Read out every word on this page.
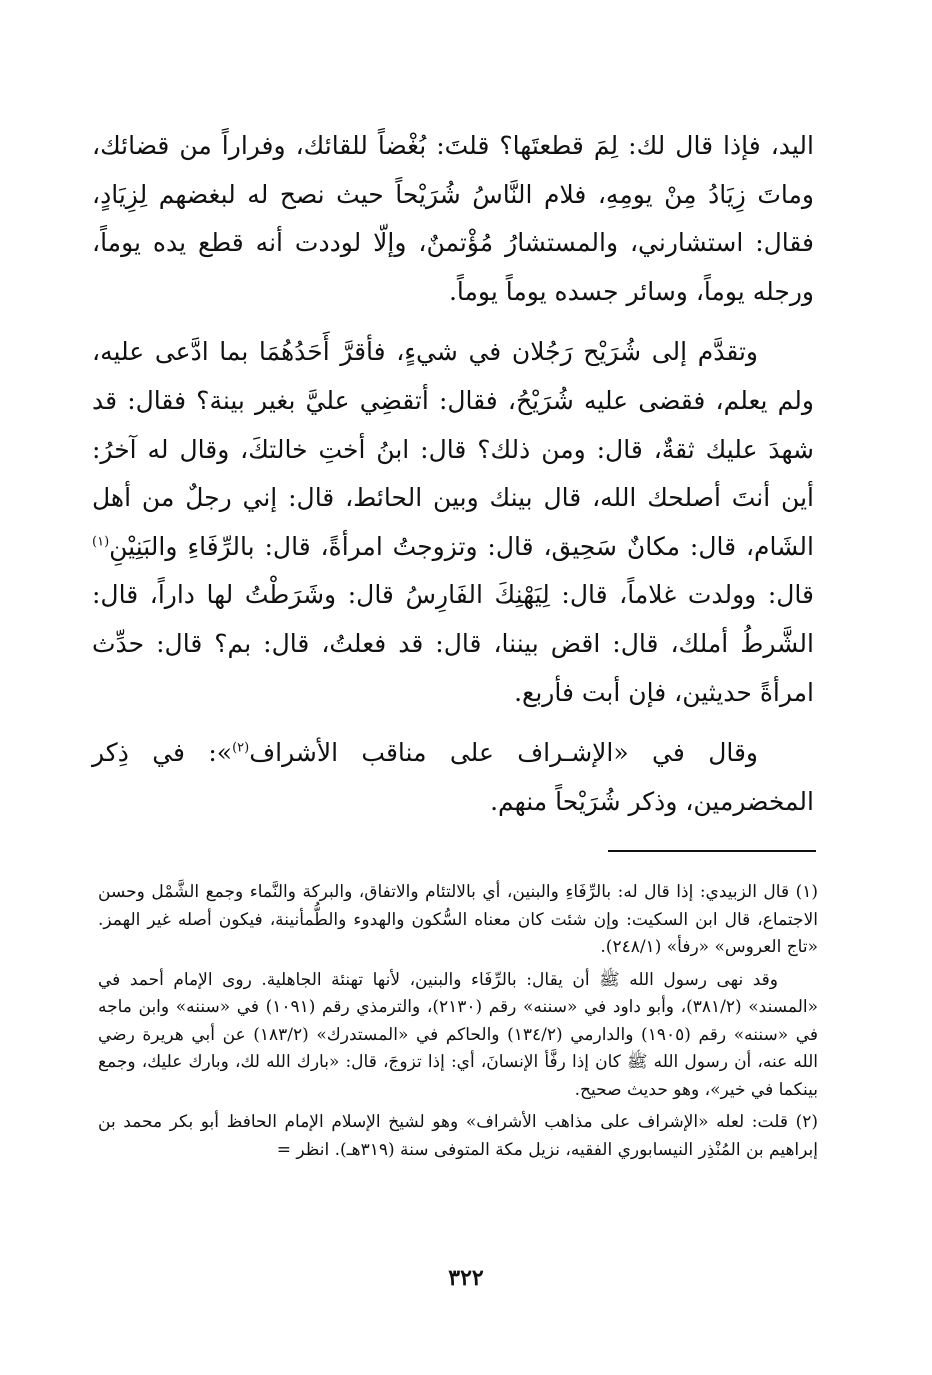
اليد، فإذا قال لك: لِمَ قطعتَها؟ قلتَ: بُغْضاً للقائك، وفراراً من قضائك، وماتَ زِيَادُ مِنْ يومِهِ، فلام النَّاسُ شُرَيْحاً حيث نصح له لبغضهم لِزِيَادٍ، فقال: استشارني، والمستشارُ مُؤْتمنٌ، وإلّا لوددت أنه قطع يده يوماً، ورجله يوماً، وسائر جسده يوماً يوماً.

وتقدَّم إلى شُرَيْح رَجُلان في شيءٍ، فأقرَّ أَحَدُهُمَا بما ادَّعى عليه، ولم يعلم، فقضى عليه شُرَيْحُ، فقال: أتقضِي عليَّ بغير بينة؟ فقال: قد شهدَ عليك ثقةٌ، قال: ومن ذلك؟ قال: ابنُ أختِ خالتكَ، وقال له آخرُ: أين أنتَ أصلحك الله، قال بينك وبين الحائط، قال: إني رجلٌ من أهل الشَام، قال: مكانٌ سَحِيق، قال: وتزوجتُ امرأةً، قال: بالرِّفَاءِ والبَنِيْنِ$^{(١)}$ قال: وولدت غلاماً، قال: لِيَهْنِكَ الفَارِسُ قال: وشَرَطْتُ لها داراً، قال: الشَّرطُ أملك، قال: اقض بيننا، قال: قد فعلتُ، قال: بم؟ قال: حدِّث امرأةً حديثين، فإن أبت فأربع.

وقال في «الإشـراف على مناقب الأشراف$^{(٢)}$»: في ذِكر المخضرمين، وذكر شُرَيْحاً منهم.

(١) قال الزبيدي: إذا قال له: بالرِّفَاءِ والبنين، أي بالالتئام والاتفاق، والبركة والنَّماء وجمع الشَّمْل وحسن الاجتماع، قال ابن السكيت: وإن شئت كان معناه السُّكون والهدوء والطُّمأنينة، فيكون أصله غير الهمز. «تاج العروس» «رفأ» (٢٤٨/١).

وقد نهى رسول الله ﷺ أن يقال: بالرِّفَاء والبنين، لأنها تهنئة الجاهلية. روى الإمام أحمد في «المسند» (٣٨١/٢)، وأبو داود في «سننه» رقم (٢١٣٠)، والترمذي رقم (١٠٩١) في «سننه» وابن ماجه في «سننه» رقم (١٩٠٥) والدارمي (١٣٤/٢) والحاكم في «المستدرك» (١٨٣/٢) عن أبي هريرة رضي الله عنه، أن رسول الله ﷺ كان إذا رفَّأ الإنسانَ، أي: إذا تزوجَ، قال: «بارك الله لك، وبارك عليك، وجمع بينكما في خير»، وهو حديث صحيح.

(٢) قلت: لعله «الإشراف على مذاهب الأشراف» وهو لشيخ الإسلام الإمام الحافظ أبو بكر محمد بن إبراهيم بن المُنْذِر النيسابوري الفقيه، نزيل مكة المتوفى سنة (٣١٩هـ). انظر =

٣٢٢
